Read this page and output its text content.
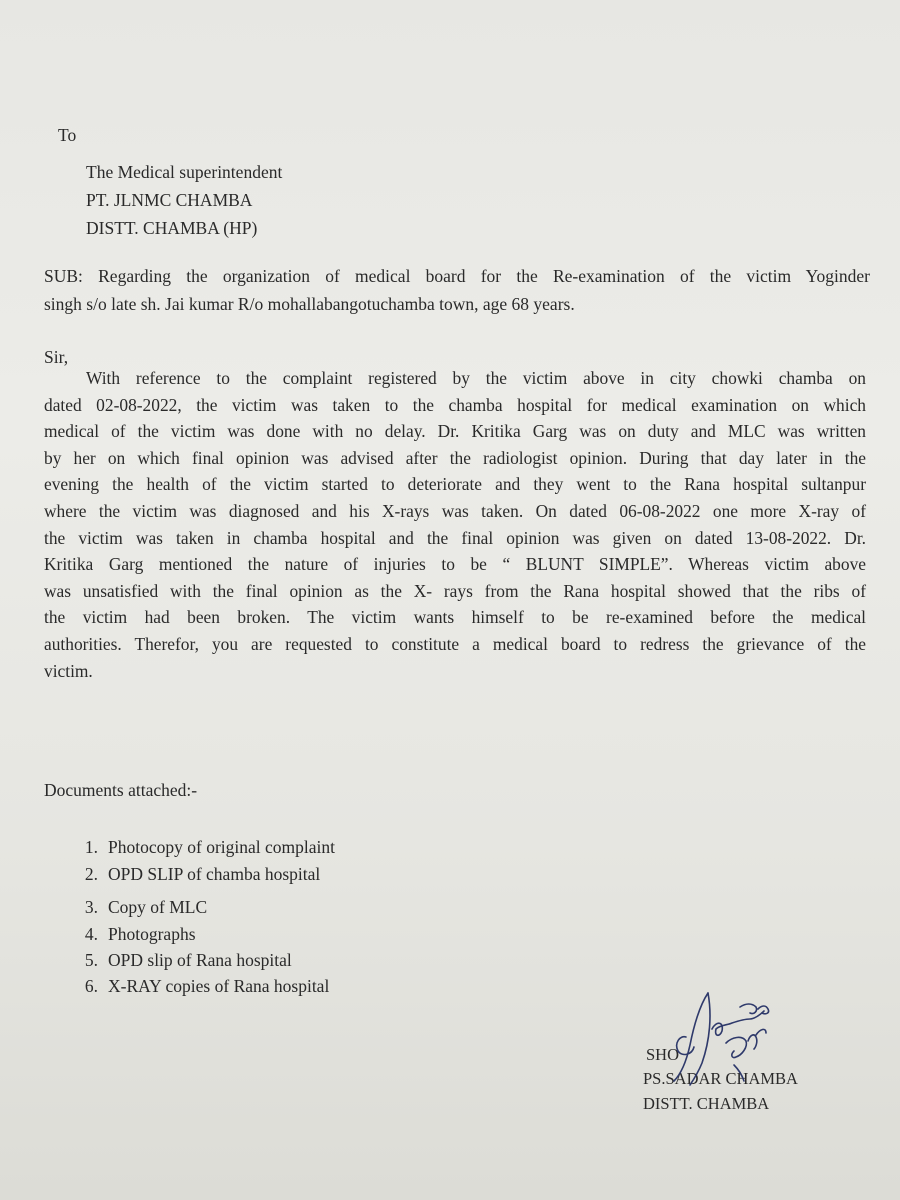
To
The Medical superintendent
PT. JLNMC CHAMBA
DISTT. CHAMBA (HP)
SUB: Regarding the organization of medical board for the Re-examination of the victim Yoginder
singh s/o late sh. Jai kumar R/o mohallabangotuchamba town, age 68 years.
Sir,
With reference to the complaint registered by the victim above in city chowki chamba on
dated 02-08-2022, the victim was taken to the chamba hospital for medical examination on which
medical of the victim was done with no delay. Dr. Kritika Garg was on duty and MLC was written
by her on which final opinion was advised after the radiologist opinion. During that day later in the
evening the health of the victim started to deteriorate and they went to the Rana hospital sultanpur
where the victim was diagnosed and his X-rays was taken. On dated 06-08-2022 one more X-ray of
the victim was taken in chamba hospital and the final opinion was given on dated 13-08-2022. Dr.
Kritika Garg mentioned the nature of injuries to be “ BLUNT SIMPLE”. Whereas victim above
was unsatisfied with the final opinion as the X- rays from the Rana hospital showed that the ribs of
the victim had been broken. The victim wants himself to be re-examined before the medical
authorities. Therefor, you are requested to constitute a medical board to redress the grievance of the
victim.
Documents attached:-
1. Photocopy of original complaint
2. OPD SLIP of chamba hospital
3. Copy of MLC
4. Photographs
5. OPD slip of Rana hospital
6. X-RAY copies of Rana hospital
SHO
PS.SADAR CHAMBA
DISTT. CHAMBA
